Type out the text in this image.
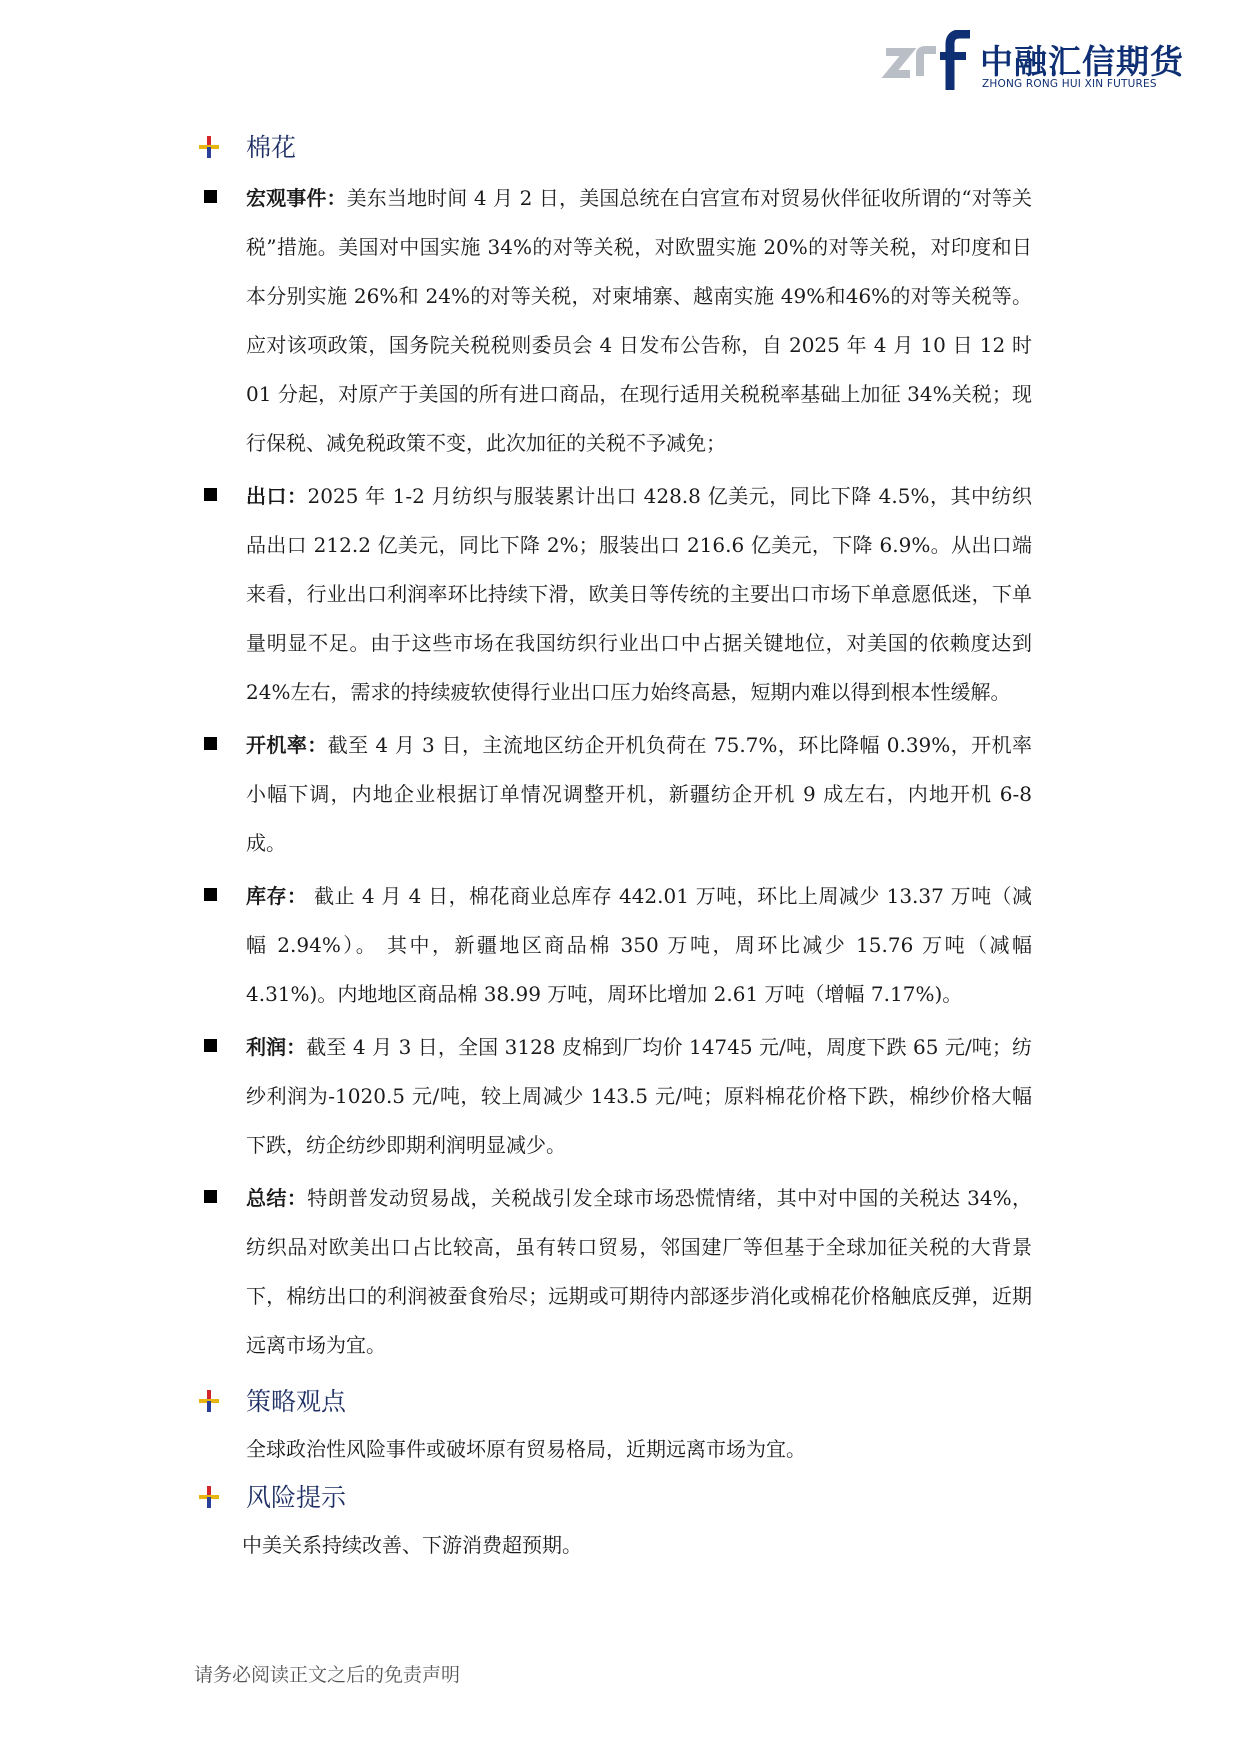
中融汇信期货
ZHONG RONG HUI XIN FUTURES
棉花
宏观事件：美东当地时间 4 月 2 日，美国总统在白宫宣布对贸易伙伴征收所谓的“对等关税”措施。美国对中国实施 34%的对等关税，对欧盟实施 20%的对等关税，对印度和日本分别实施 26%和 24%的对等关税，对柬埔寨、越南实施 49%和46%的对等关税等。应对该项政策，国务院关税税则委员会 4 日发布公告称，自 2025 年 4 月 10 日 12 时 01 分起，对原产于美国的所有进口商品，在现行适用关税税率基础上加征 34%关税；现行保税、减免税政策不变，此次加征的关税不予减免；
出口：2025 年 1-2 月纺织与服装累计出口 428.8 亿美元，同比下降 4.5%，其中纺织品出口 212.2 亿美元，同比下降 2%；服装出口 216.6 亿美元，下降 6.9%。从出口端来看，行业出口利润率环比持续下滑，欧美日等传统的主要出口市场下单意愿低迷，下单量明显不足。由于这些市场在我国纺织行业出口中占据关键地位，对美国的依赖度达到 24%左右，需求的持续疲软使得行业出口压力始终高悬，短期内难以得到根本性缓解。
开机率：截至 4 月 3 日，主流地区纺企开机负荷在 75.7%，环比降幅 0.39%，开机率小幅下调，内地企业根据订单情况调整开机，新疆纺企开机 9 成左右，内地开机 6-8 成。
库存： 截止 4 月 4 日，棉花商业总库存 442.01 万吨，环比上周减少 13.37 万吨（减幅 2.94%）。 其中，新疆地区商品棉 350 万吨，周环比减少 15.76 万吨（减幅 4.31%)。内地地区商品棉 38.99 万吨，周环比增加 2.61 万吨（增幅 7.17%)。
利润：截至 4 月 3 日，全国 3128 皮棉到厂均价 14745 元/吨，周度下跌 65 元/吨；纺纱利润为-1020.5 元/吨，较上周减少 143.5 元/吨；原料棉花价格下跌，棉纱价格大幅下跌，纺企纺纱即期利润明显减少。
总结：特朗普发动贸易战，关税战引发全球市场恐慌情绪，其中对中国的关税达 34%，纺织品对欧美出口占比较高，虽有转口贸易，邻国建厂等但基于全球加征关税的大背景下，棉纺出口的利润被蚕食殆尽；远期或可期待内部逐步消化或棉花价格触底反弹，近期远离市场为宜。
策略观点
全球政治性风险事件或破坏原有贸易格局，近期远离市场为宜。
风险提示
中美关系持续改善、下游消费超预期。
请务必阅读正文之后的免责声明
